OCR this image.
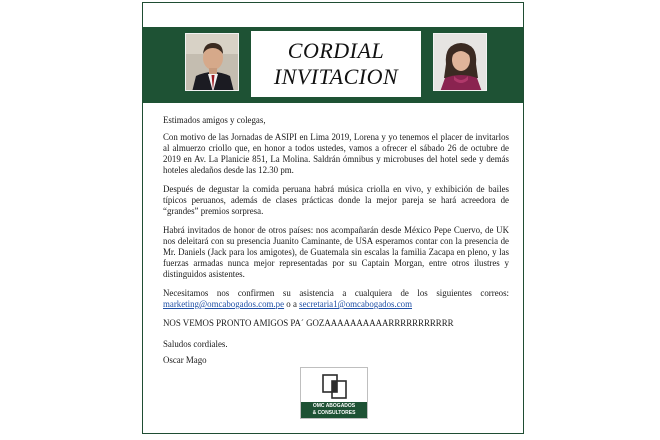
CORDIAL
INVITACION

Estimados amigos y colegas,

Con motivo de las Jornadas de ASIPI en Lima 2019, Lorena y yo tenemos el placer de invitarlos al almuerzo criollo que, en honor a todos ustedes, vamos a ofrecer el sábado 26 de octubre de 2019 en Av. La Planicie 851, La Molina. Saldrán ómnibus y microbuses del hotel sede y demás hoteles aledaños desde las 12.30 pm.

Después de degustar la comida peruana habrá música criolla en vivo, y exhibición de bailes típicos peruanos, además de clases prácticas donde la mejor pareja se hará acreedora de “grandes” premios sorpresa.

Habrá invitados de honor de otros países: nos acompañarán desde México Pepe Cuervo, de UK nos deleitará con su presencia Juanito Caminante, de USA esperamos contar con la presencia de Mr. Daniels (Jack para los amigotes), de Guatemala sin escalas la familia Zacapa en pleno, y las fuerzas armadas nunca mejor representadas por su Captain Morgan, entre otros ilustres y distinguidos asistentes.

Necesitamos nos confirmen su asistencia a cualquiera de los siguientes correos: marketing@omcabogados.com.pe o a secretaria1@omcabogados.com

NOS VEMOS PRONTO AMIGOS PA´ GOZAAAAAAAAAARRRRRRRRRRR

Saludos cordiales.
Oscar Mago
OMC ABOGADOS
& CONSULTORES
